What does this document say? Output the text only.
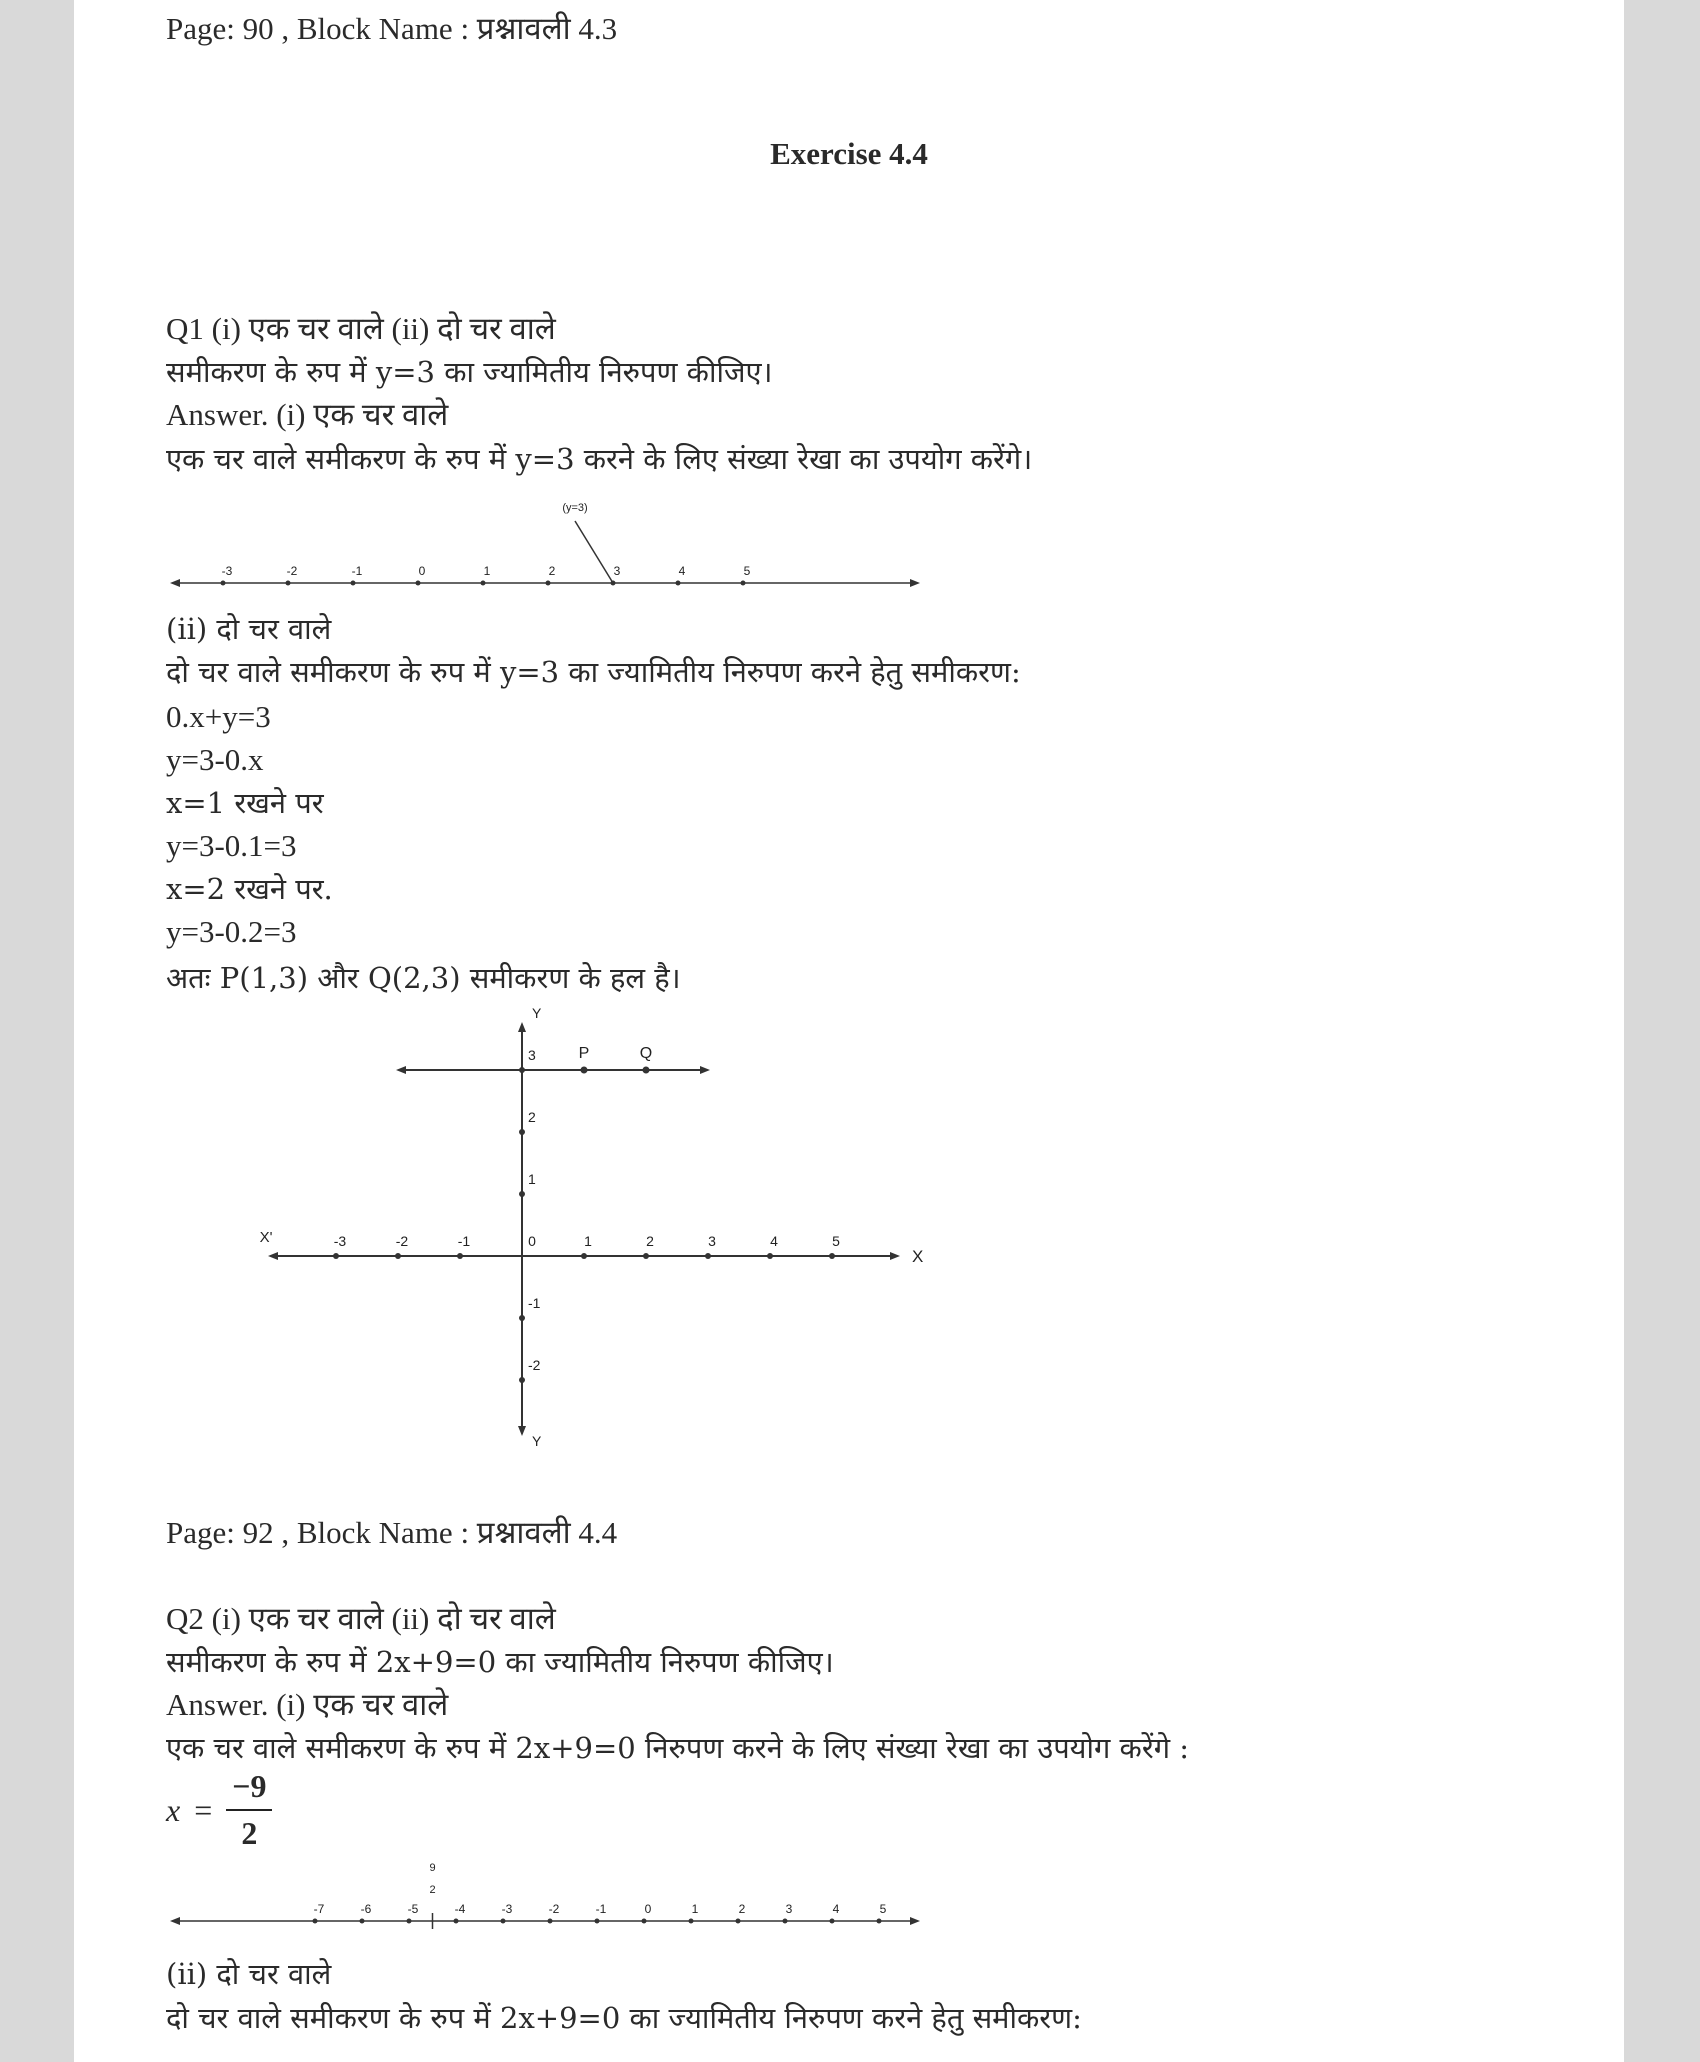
Page: 90 , Block Name : प्रश्नावली 4.3
Exercise 4.4
Q1 (i) एक चर वाले (ii) दो चर वाले
समीकरण के रुप में y=3 का ज्यामितीय निरुपण कीजिए।
Answer. (i) एक चर वाले
एक चर वाले समीकरण के रुप में y=3 करने के लिए संख्या रेखा का उपयोग करेंगे।
-3	-2	-1	0	1	2	3	4	5
(y=3)
(ii) दो चर वाले
दो चर वाले समीकरण के रुप में y=3 का ज्यामितीय निरुपण करने हेतु समीकरण:
0.x+y=3
y=3-0.x
x=1 रखने पर
y=3-0.1=3
x=2 रखने पर.
y=3-0.2=3
अतः P(1,3) और Q(2,3) समीकरण के हल है।
X
X'
Y
Y
-3	-2	-1	0	1	2	3	4	5
3
2
1
-1
-2
P	Q
Page: 92 , Block Name : प्रश्नावली 4.4
Q2 (i) एक चर वाले (ii) दो चर वाले
समीकरण के रुप में 2x+9=0 का ज्यामितीय निरुपण कीजिए।
Answer. (i) एक चर वाले
एक चर वाले समीकरण के रुप में 2x+9=0 निरुपण करने के लिए संख्या रेखा का उपयोग करेंगे :
$x = \frac{-9}{2}$
-7	-6	-5	-4	-3	-2	-1	0	1	2	3	4	5
9
2
(ii) दो चर वाले
दो चर वाले समीकरण के रुप में 2x+9=0 का ज्यामितीय निरुपण करने हेतु समीकरण:
